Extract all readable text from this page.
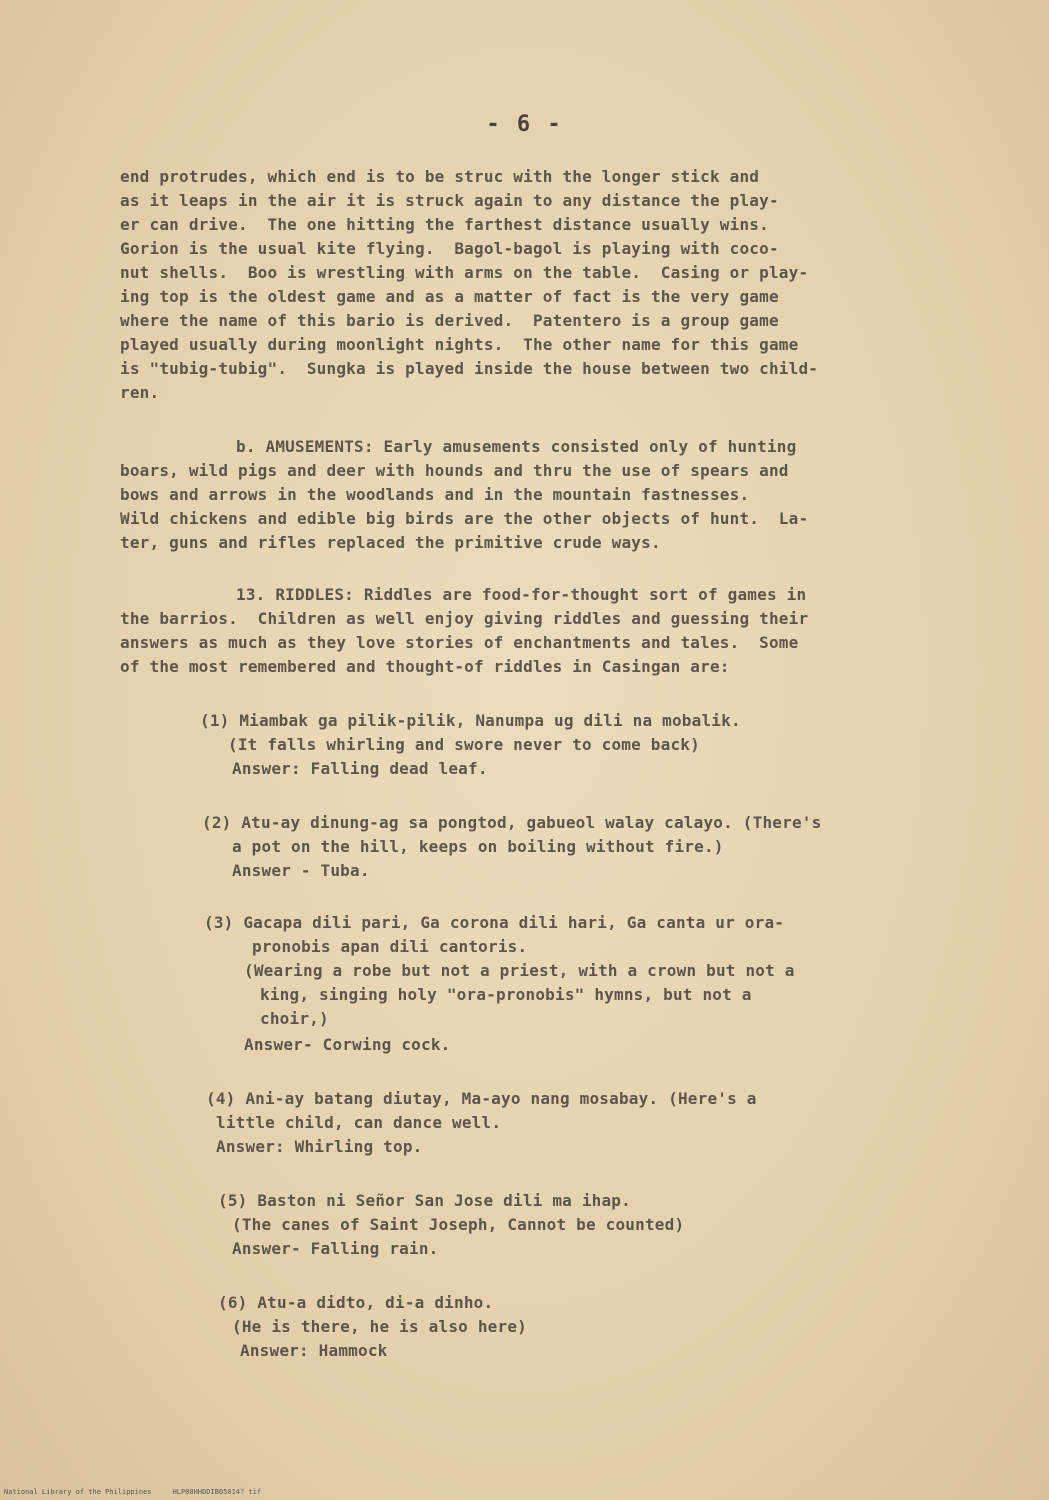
- 6 -
end protrudes, which end is to be struc with the longer stick and
as it leaps in the air it is struck again to any distance the play-
er can drive.  The one hitting the farthest distance usually wins.
Gorion is the usual kite flying.  Bagol-bagol is playing with coco-
nut shells.  Boo is wrestling with arms on the table.  Casing or play-
ing top is the oldest game and as a matter of fact is the very game
where the name of this bario is derived.  Patentero is a group game
played usually during moonlight nights.  The other name for this game
is "tubig-tubig".  Sungka is played inside the house between two child-
ren.
b. AMUSEMENTS: Early amusements consisted only of hunting
boars, wild pigs and deer with hounds and thru the use of spears and
bows and arrows in the woodlands and in the mountain fastnesses.
Wild chickens and edible big birds are the other objects of hunt.  La-
ter, guns and rifles replaced the primitive crude ways.
13. RIDDLES: Riddles are food-for-thought sort of games in
the barrios.  Children as well enjoy giving riddles and guessing their
answers as much as they love stories of enchantments and tales.  Some
of the most remembered and thought-of riddles in Casingan are:
(1) Miambak ga pilik-pilik, Nanumpa ug dili na mobalik.
(It falls whirling and swore never to come back)
Answer: Falling dead leaf.
(2) Atu-ay dinung-ag sa pongtod, gabueol walay calayo. (There's
a pot on the hill, keeps on boiling without fire.)
Answer - Tuba.
(3) Gacapa dili pari, Ga corona dili hari, Ga canta ur ora-
pronobis apan dili cantoris.
(Wearing a robe but not a priest, with a crown but not a
king, singing holy "ora-pronobis" hymns, but not a
choir,)
Answer- Corwing cock.
(4) Ani-ay batang diutay, Ma-ayo nang mosabay. (Here's a
little child, can dance well.
Answer: Whirling top.
(5) Baston ni Señor San Jose dili ma ihap.
(The canes of Saint Joseph, Cannot be counted)
Answer- Falling rain.
(6) Atu-a didto, di-a dinho.
(He is there, he is also here)
Answer: Hammock
National Library of the Philippines     HLP00HHDDIB05014? tif
